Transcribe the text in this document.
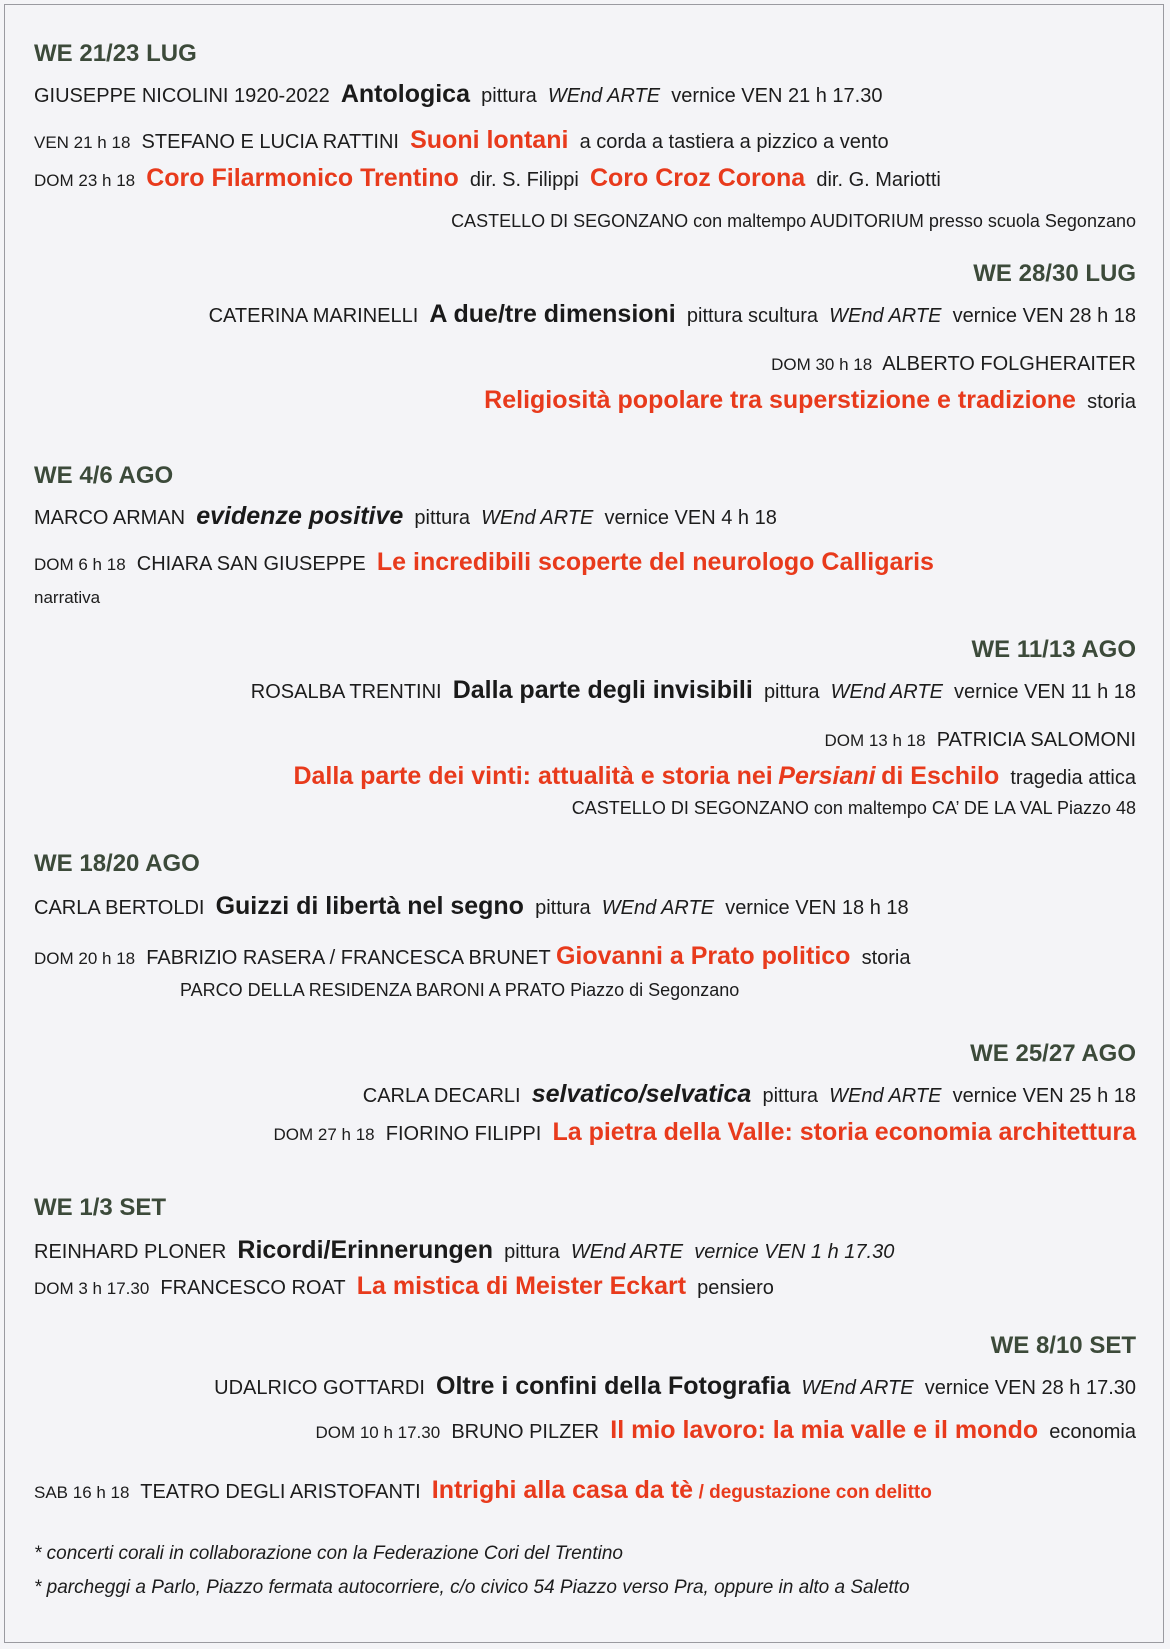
WE 21/23 LUG
GIUSEPPE NICOLINI 1920-2022 Antologica pittura WEnd ARTE vernice VEN 21 h 17.30
VEN 21 h 18 STEFANO E LUCIA RATTINI Suoni lontani a corda a tastiera a pizzico a vento
DOM 23 h 18 Coro Filarmonico Trentino dir. S. Filippi Coro Croz Corona dir. G. Mariotti
CASTELLO DI SEGONZANO con maltempo AUDITORIUM presso scuola Segonzano
WE 28/30 LUG
CATERINA MARINELLI A due/tre dimensioni pittura scultura WEnd ARTE vernice VEN 28 h 18
DOM 30 h 18 ALBERTO FOLGHERAITER
Religiosità popolare tra superstizione e tradizione storia
WE 4/6 AGO
MARCO ARMAN evidenze positive pittura WEnd ARTE vernice VEN 4 h 18
DOM 6 h 18 CHIARA SAN GIUSEPPE Le incredibili scoperte del neurologo Calligaris
narrativa
WE 11/13 AGO
ROSALBA TRENTINI Dalla parte degli invisibili pittura WEnd ARTE vernice VEN 11 h 18
DOM 13 h 18 PATRICIA SALOMONI
Dalla parte dei vinti: attualità e storia nei Persiani di Eschilo tragedia attica
CASTELLO DI SEGONZANO con maltempo CA’ DE LA VAL Piazzo 48
WE 18/20 AGO
CARLA BERTOLDI Guizzi di libertà nel segno pittura WEnd ARTE vernice VEN 18 h 18
DOM 20 h 18 FABRIZIO RASERA / FRANCESCA BRUNET Giovanni a Prato politico storia
PARCO DELLA RESIDENZA BARONI A PRATO Piazzo di Segonzano
WE 25/27 AGO
CARLA DECARLI selvatico/selvatica pittura WEnd ARTE vernice VEN 25 h 18
DOM 27 h 18 FIORINO FILIPPI La pietra della Valle: storia economia architettura
WE 1/3 SET
REINHARD PLONER Ricordi/Erinnerungen pittura WEnd ARTE vernice VEN 1 h 17.30
DOM 3 h 17.30 FRANCESCO ROAT La mistica di Meister Eckart pensiero
WE 8/10 SET
UDALRICO GOTTARDI Oltre i confini della Fotografia WEnd ARTE vernice VEN 28 h 17.30
DOM 10 h 17.30 BRUNO PILZER Il mio lavoro: la mia valle e il mondo economia
SAB 16 h 18 TEATRO DEGLI ARISTOFANTI Intrighi alla casa da tè / degustazione con delitto
* concerti corali in collaborazione con la Federazione Cori del Trentino
* parcheggi a Parlo, Piazzo fermata autocorriere, c/o civico 54 Piazzo verso Pra, oppure in alto a Saletto
